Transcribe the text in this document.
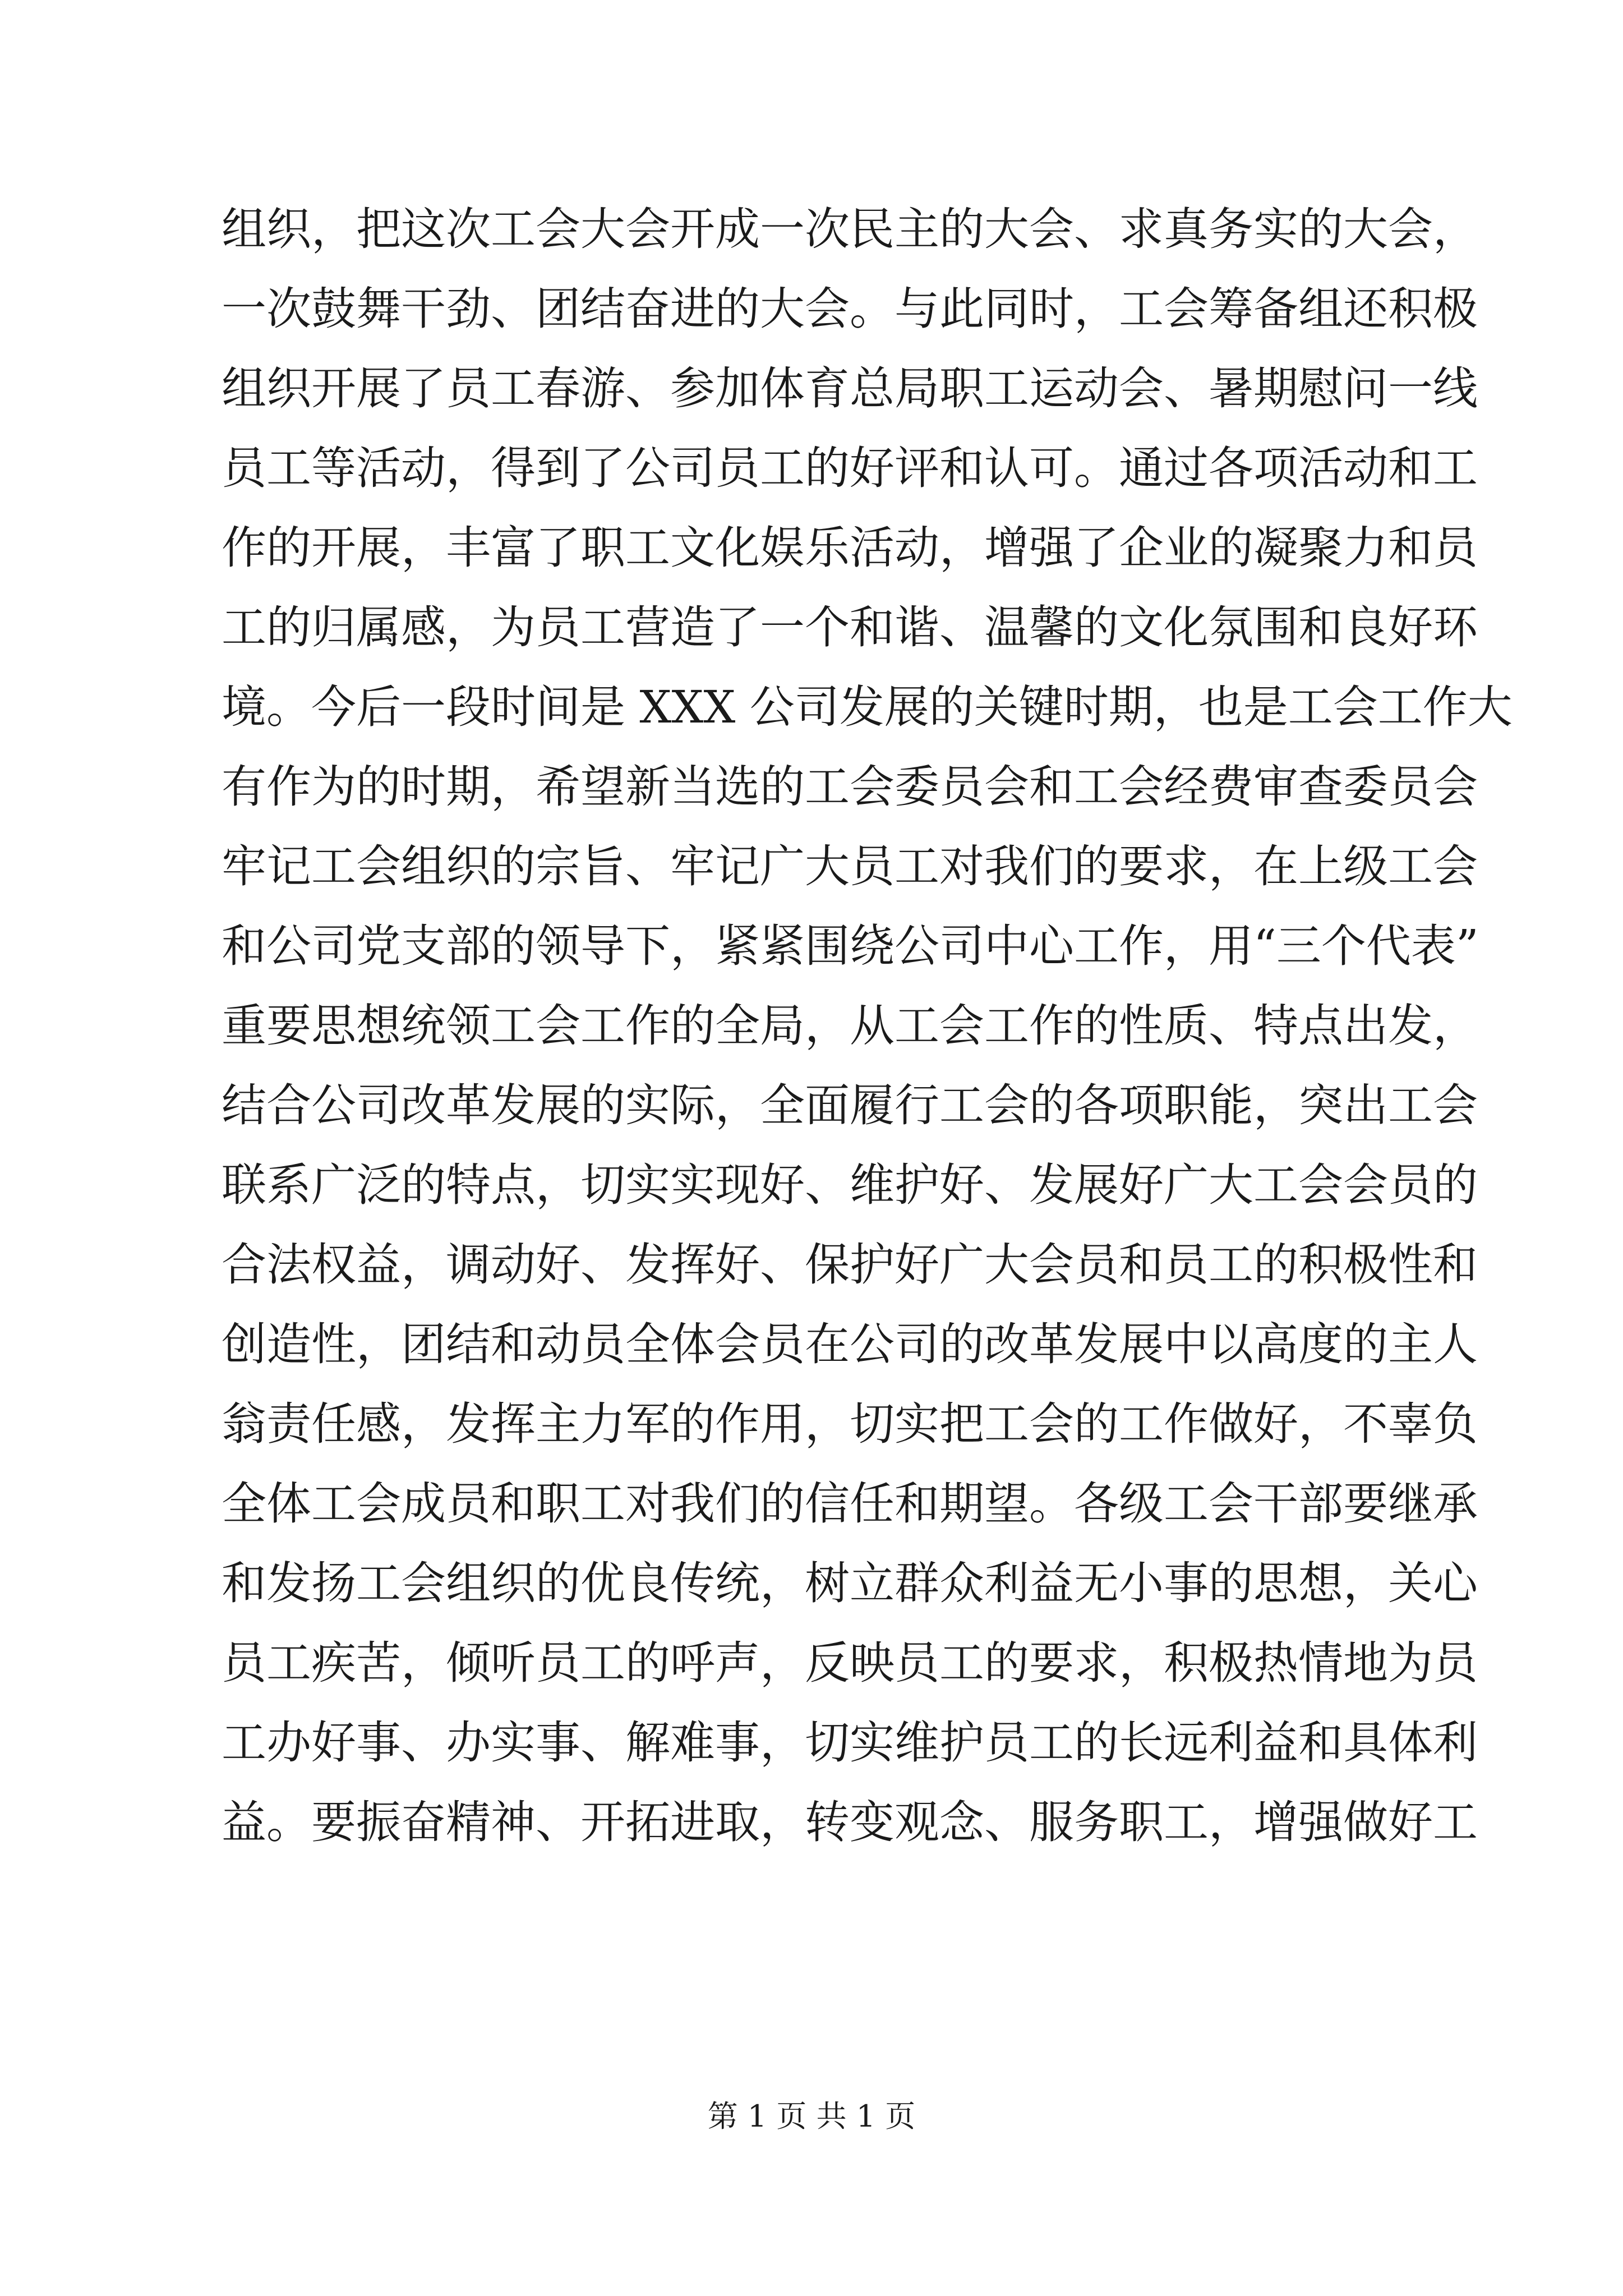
组织，把这次工会大会开成一次民主的大会、求真务实的大会，
一次鼓舞干劲、团结奋进的大会。与此同时，工会筹备组还积极
组织开展了员工春游、参加体育总局职工运动会、暑期慰问一线
员工等活动，得到了公司员工的好评和认可。通过各项活动和工
作的开展，丰富了职工文化娱乐活动，增强了企业的凝聚力和员
工的归属感，为员工营造了一个和谐、温馨的文化氛围和良好环
境。今后一段时间是 XXX 公司发展的关键时期，也是工会工作大
有作为的时期，希望新当选的工会委员会和工会经费审查委员会
牢记工会组织的宗旨、牢记广大员工对我们的要求，在上级工会
和公司党支部的领导下，紧紧围绕公司中心工作，用“三个代表”
重要思想统领工会工作的全局，从工会工作的性质、特点出发，
结合公司改革发展的实际，全面履行工会的各项职能，突出工会
联系广泛的特点，切实实现好、维护好、发展好广大工会会员的
合法权益，调动好、发挥好、保护好广大会员和员工的积极性和
创造性，团结和动员全体会员在公司的改革发展中以高度的主人
翁责任感，发挥主力军的作用，切实把工会的工作做好，不辜负
全体工会成员和职工对我们的信任和期望。各级工会干部要继承
和发扬工会组织的优良传统，树立群众利益无小事的思想，关心
员工疾苦，倾听员工的呼声，反映员工的要求，积极热情地为员
工办好事、办实事、解难事，切实维护员工的长远利益和具体利
益。要振奋精神、开拓进取，转变观念、服务职工，增强做好工
第 1 页 共 1 页
